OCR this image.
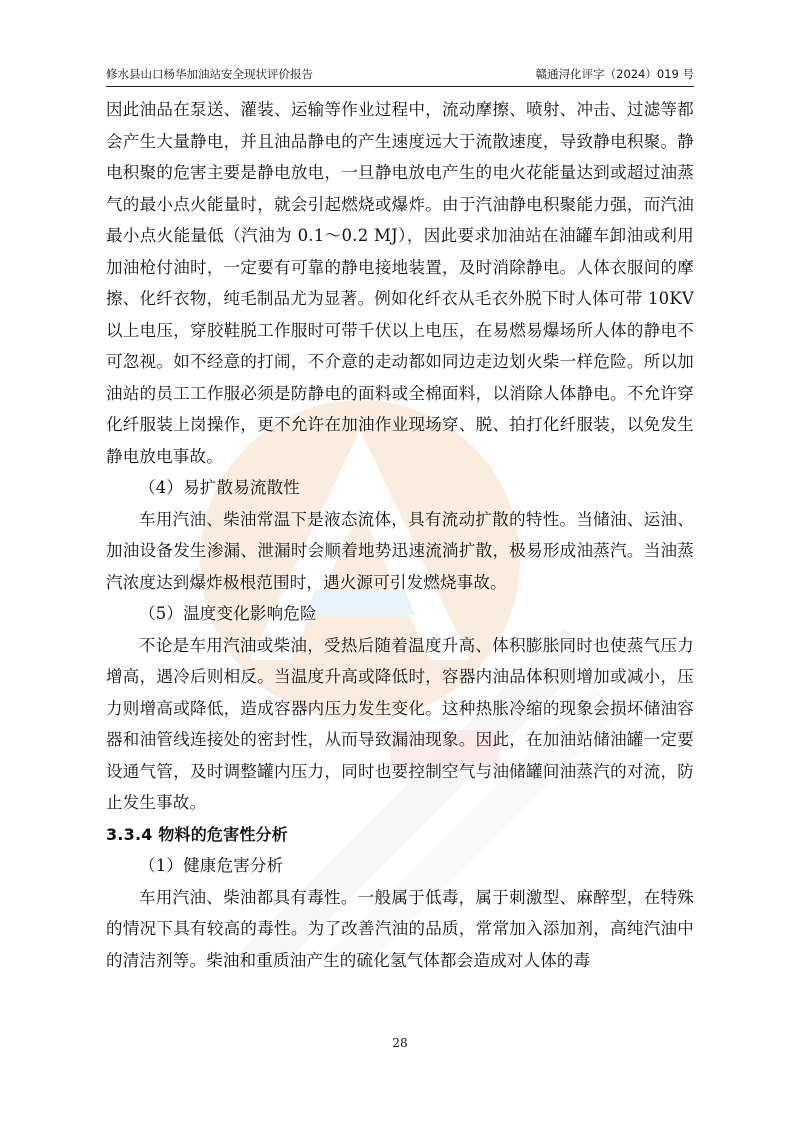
修水县山口杨华加油站安全现状评价报告	赣通浔化评字（2024）019 号

因此油品在泵送、灌装、运输等作业过程中，流动摩擦、喷射、冲击、过滤等都会产生大量静电，并且油品静电的产生速度远大于流散速度，导致静电积聚。静电积聚的危害主要是静电放电，一旦静电放电产生的电火花能量达到或超过油蒸气的最小点火能量时，就会引起燃烧或爆炸。由于汽油静电积聚能力强，而汽油最小点火能量低（汽油为 0.1～0.2 MJ），因此要求加油站在油罐车卸油或利用加油枪付油时，一定要有可靠的静电接地装置，及时消除静电。人体衣服间的摩擦、化纤衣物，纯毛制品尤为显著。例如化纤衣从毛衣外脱下时人体可带 10KV 以上电压，穿胶鞋脱工作服时可带千伏以上电压，在易燃易爆场所人体的静电不可忽视。如不经意的打闹，不介意的走动都如同边走边划火柴一样危险。所以加油站的员工工作服必须是防静电的面料或全棉面料，以消除人体静电。不允许穿化纤服装上岗操作，更不允许在加油作业现场穿、脱、拍打化纤服装，以免发生静电放电事故。

（4）易扩散易流散性

车用汽油、柴油常温下是液态流体，具有流动扩散的特性。当储油、运油、加油设备发生渗漏、泄漏时会顺着地势迅速流淌扩散，极易形成油蒸汽。当油蒸汽浓度达到爆炸极根范围时，遇火源可引发燃烧事故。

（5）温度变化影响危险

不论是车用汽油或柴油，受热后随着温度升高、体积膨胀同时也使蒸气压力增高，遇冷后则相反。当温度升高或降低时，容器内油品体积则增加或减小，压力则增高或降低，造成容器内压力发生变化。这种热胀冷缩的现象会损坏储油容器和油管线连接处的密封性，从而导致漏油现象。因此，在加油站储油罐一定要设通气管，及时调整罐内压力，同时也要控制空气与油储罐间油蒸汽的对流，防止发生事故。

3.3.4 物料的危害性分析

（1）健康危害分析

车用汽油、柴油都具有毒性。一般属于低毒，属于刺激型、麻醉型，在特殊的情况下具有较高的毒性。为了改善汽油的品质，常常加入添加剂，高纯汽油中的清洁剂等。柴油和重质油产生的硫化氢气体都会造成对人体的毒

28
